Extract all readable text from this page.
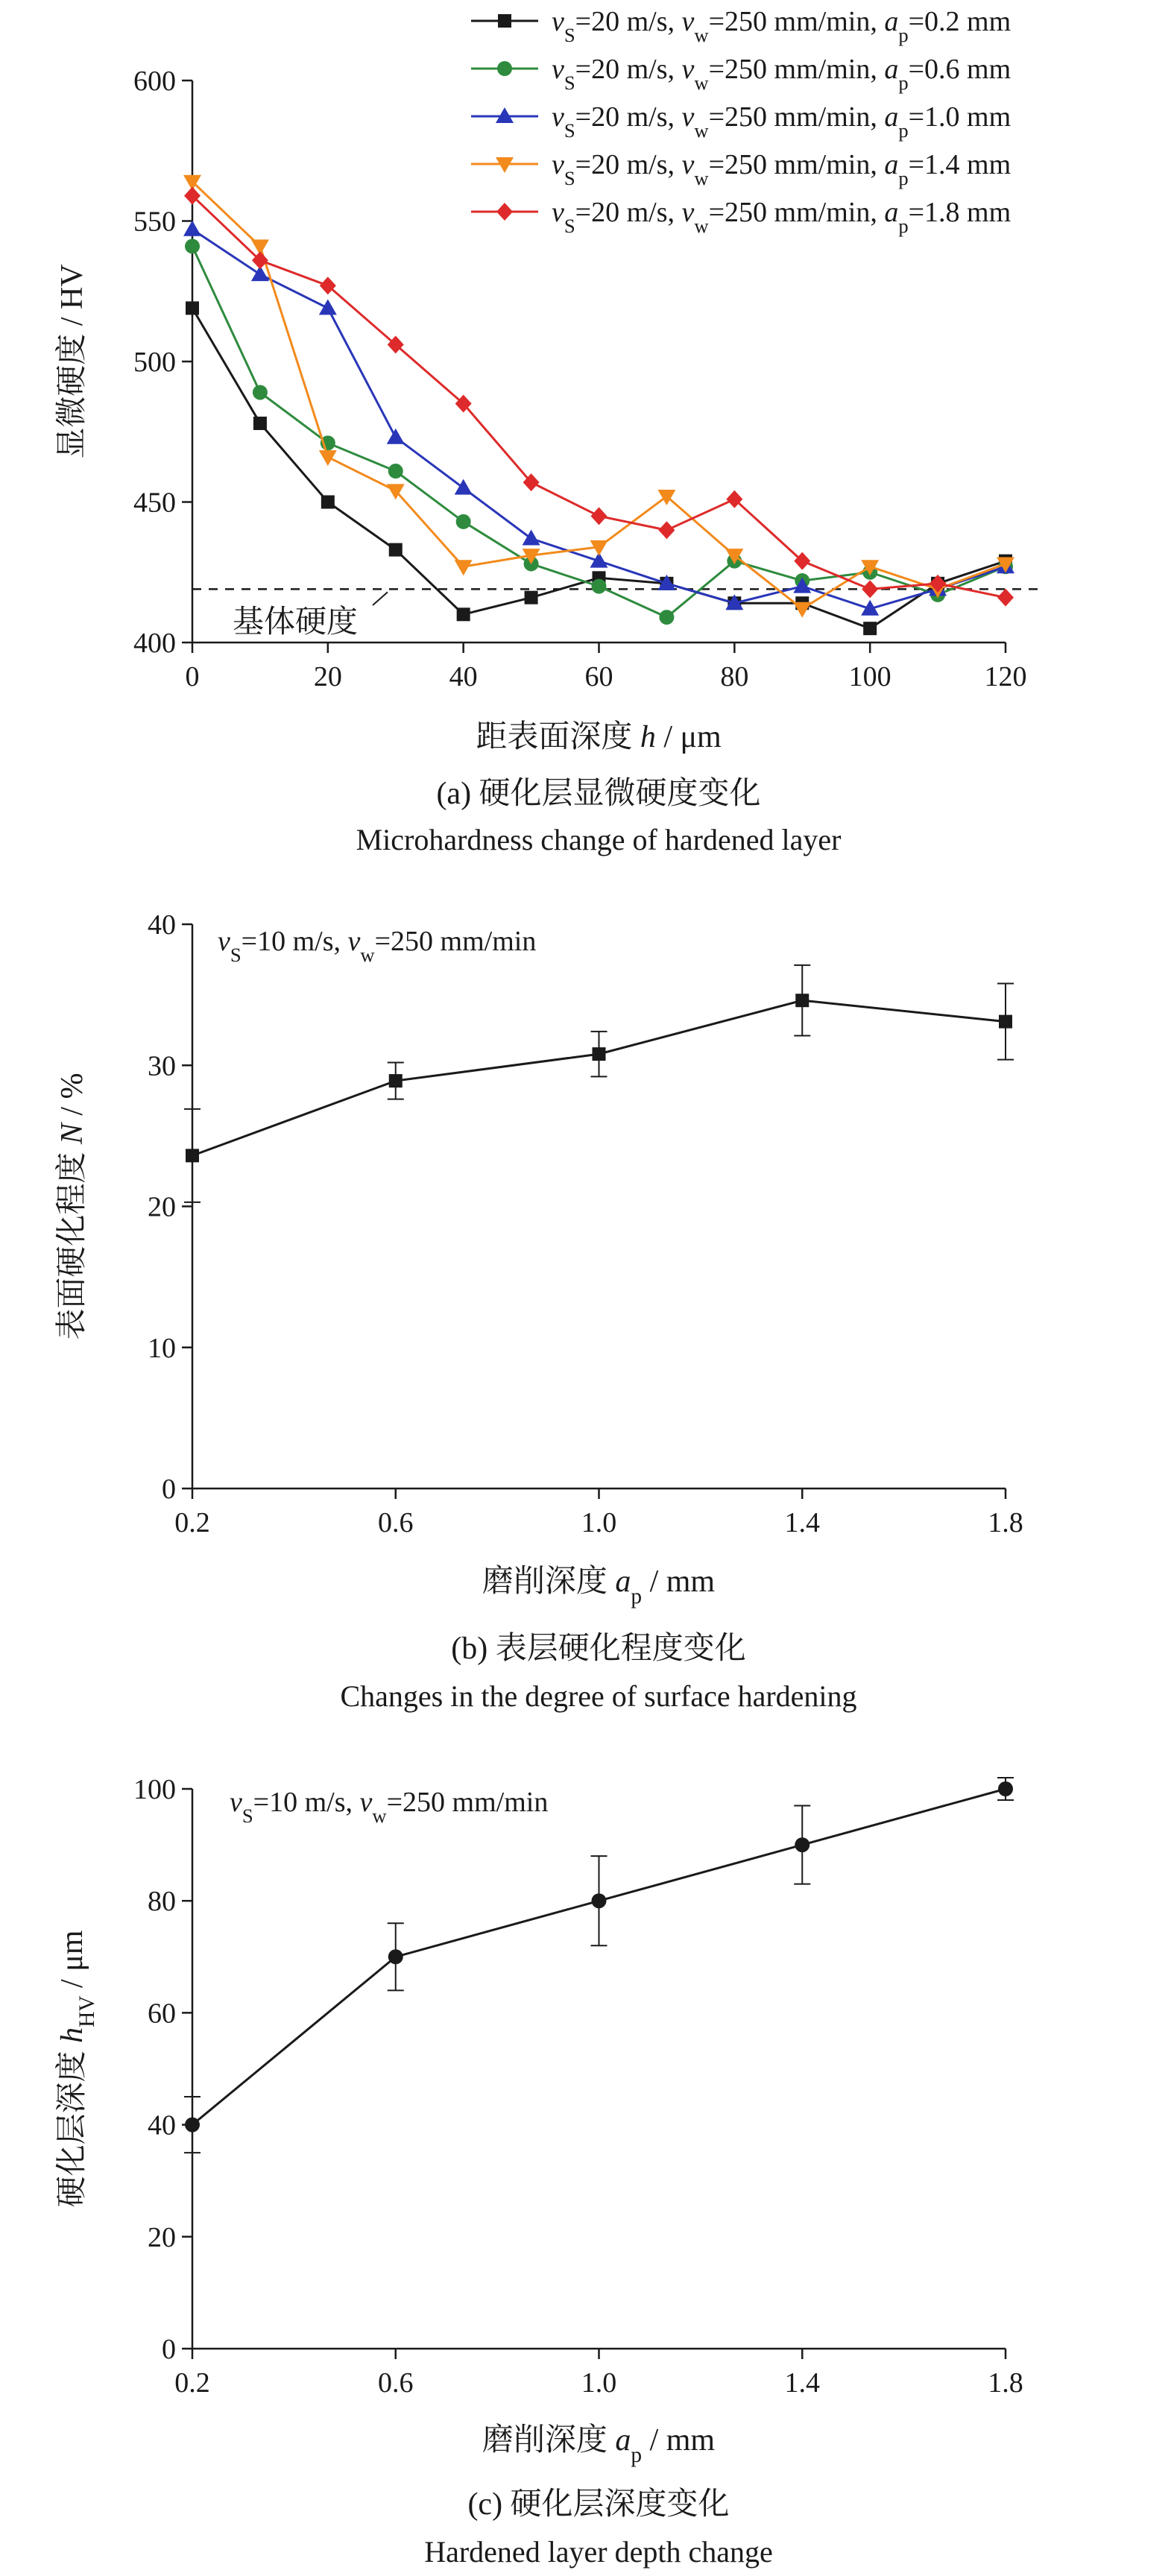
400
450
500
550
600
0	20	40	60	80	100	120
基体硬度
显微硬度 / HV
(a) 硬化层显微硬度变化
Microhardness change of hardened layer
$v_S=20$ m/s, $v_w=250$ mm/min, $a_p=0.2$ mm
$v_S=20$ m/s, $v_w=250$ mm/min, $a_p=0.6$ mm
$v_S=20$ m/s, $v_w=250$ mm/min, $a_p=1.0$ mm
$v_S=20$ m/s, $v_w=250$ mm/min, $a_p=1.4$ mm
$v_S=20$ m/s, $v_w=250$ mm/min, $a_p=1.8$ mm
距表面深度 h / μm
0
10
20
30
40
0.2	0.6	1.0	1.4	1.8
表面硬化程度 N / %
(b) 表层硬化程度变化
Changes in the degree of surface hardening
$v_S=10$ m/s, $v_w=250$ mm/min
磨削深度 $a_p$ / mm
0
20
40
60
80
100
0.2	0.6	1.0	1.4	1.8
硬化层深度 $h_{HV}$ / μm
(c) 硬化层深度变化
Hardened layer depth change
$v_S=10$ m/s, $v_w=250$ mm/min
磨削深度 $a_p$ / mm
